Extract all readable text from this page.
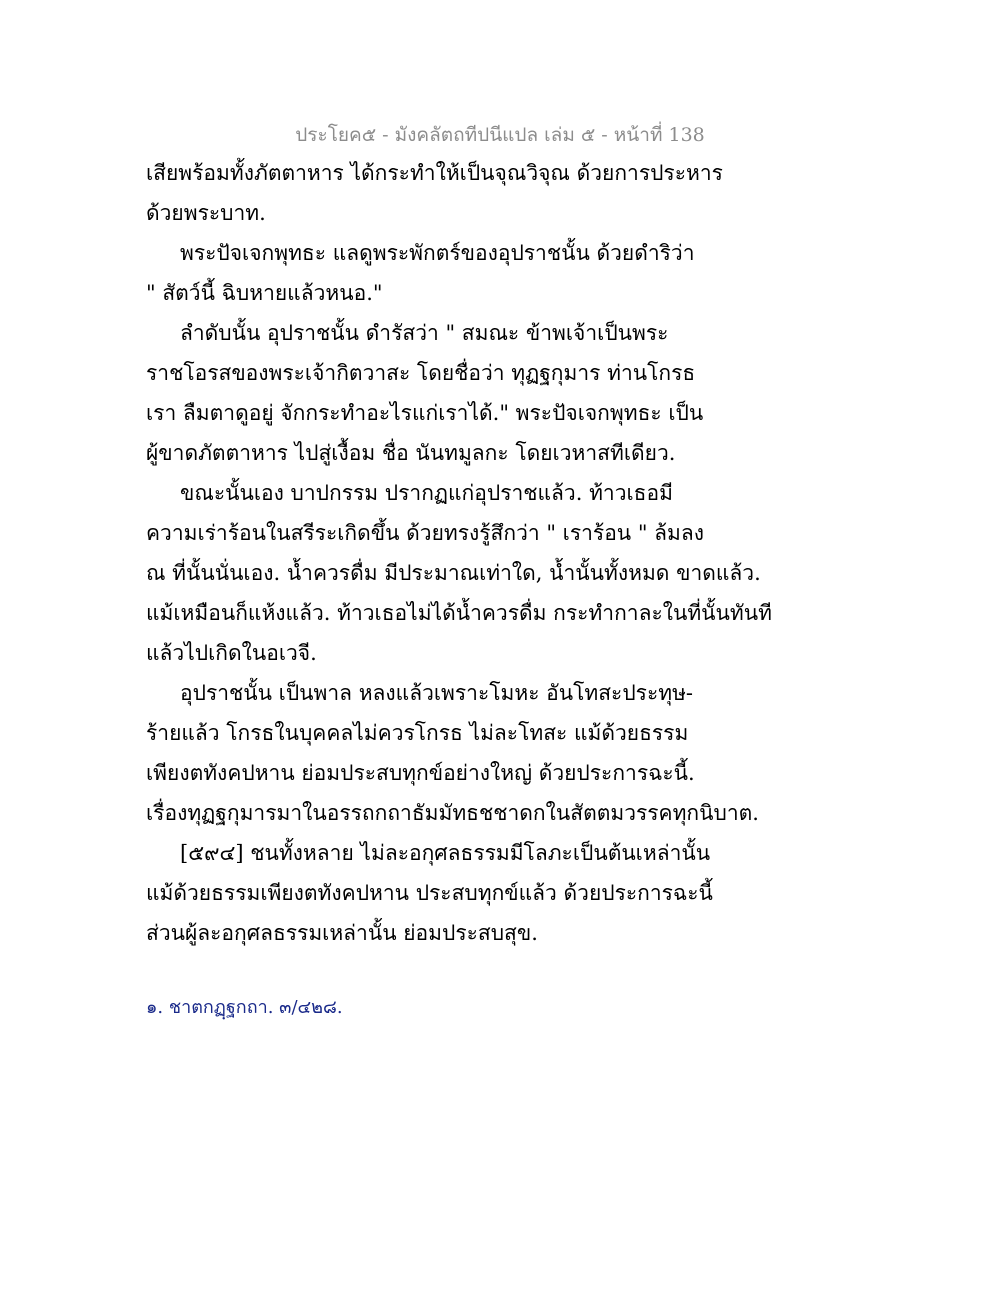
ประโยค๕ - มังคลัตถทีปนีแปล เล่ม ๕ - หน้าที่ 138
เสียพร้อมทั้งภัตตาหาร ได้กระทำให้เป็นจุณวิจุณ ด้วยการประหาร
ด้วยพระบาท.
พระปัจเจกพุทธะ แลดูพระพักตร์ของอุปราชนั้น ด้วยดำริว่า
" สัตว์นี้ ฉิบหายแล้วหนอ."
ลำดับนั้น อุปราชนั้น ดำรัสว่า " สมณะ ข้าพเจ้าเป็นพระ
ราชโอรสของพระเจ้ากิตวาสะ โดยชื่อว่า ทุฏฐกุมาร ท่านโกรธ
เรา ลืมตาดูอยู่ จักกระทำอะไรแก่เราได้." พระปัจเจกพุทธะ เป็น
ผู้ขาดภัตตาหาร ไปสู่เงื้อม ชื่อ นันทมูลกะ โดยเวหาสทีเดียว.
ขณะนั้นเอง บาปกรรม ปรากฏแก่อุปราชแล้ว. ท้าวเธอมี
ความเร่าร้อนในสรีระเกิดขึ้น ด้วยทรงรู้สึกว่า " เราร้อน " ล้มลง
ณ ที่นั้นนั่นเอง. น้ำควรดื่ม มีประมาณเท่าใด, น้ำนั้นทั้งหมด ขาดแล้ว.
แม้เหมือนก็แห้งแล้ว. ท้าวเธอไม่ได้น้ำควรดื่ม กระทำกาละในที่นั้นทันที
แล้วไปเกิดในอเวจี.
อุปราชนั้น เป็นพาล หลงแล้วเพราะโมหะ อันโทสะประทุษ-
ร้ายแล้ว โกรธในบุคคลไม่ควรโกรธ ไม่ละโทสะ แม้ด้วยธรรม
เพียงตทังคปหาน ย่อมประสบทุกข์อย่างใหญ่ ด้วยประการฉะนี้.
เรื่องทุฏฐกุมารมาในอรรถกถาธัมมัทธชชาดกในสัตตมวรรคทุกนิบาต.
[๕๙๔] ชนทั้งหลาย ไม่ละอกุศลธรรมมีโลภะเป็นต้นเหล่านั้น
แม้ด้วยธรรมเพียงตทังคปหาน ประสบทุกข์แล้ว ด้วยประการฉะนี้
ส่วนผู้ละอกุศลธรรมเหล่านั้น ย่อมประสบสุข.
๑. ชาตกฏฺฐกถา. ๓/๔๒๘.
